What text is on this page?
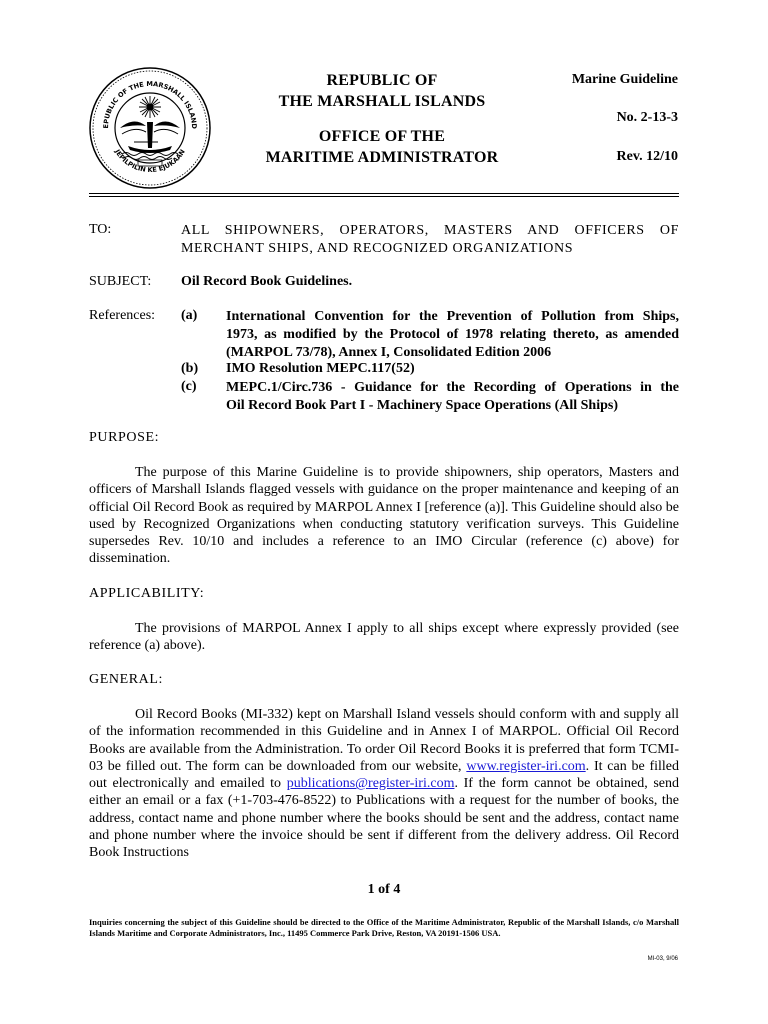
EPUBLIC OF THE MARSHALL ISLAND
JEPILPILIN KE EJUKAAN
REPUBLIC OF
THE MARSHALL ISLANDS
OFFICE OF THE
MARITIME ADMINISTRATOR
Marine Guideline
No. 2-13-3
Rev. 12/10
TO:	ALL SHIPOWNERS, OPERATORS, MASTERS AND OFFICERS OF
MERCHANT SHIPS, AND RECOGNIZED ORGANIZATIONS
SUBJECT: Oil Record Book Guidelines.
References: (a) International Convention for the Prevention of Pollution from Ships,
1973, as modified by the Protocol of 1978 relating thereto, as amended
(MARPOL 73/78), Annex I, Consolidated Edition 2006
(b) IMO Resolution MEPC.117(52)
(c) MEPC.1/Circ.736 - Guidance for the Recording of Operations in the
Oil Record Book Part I - Machinery Space Operations (All Ships)
PURPOSE:
The purpose of this Marine Guideline is to provide shipowners, ship operators, Masters and officers of Marshall Islands flagged vessels with guidance on the proper maintenance and keeping of an official Oil Record Book as required by MARPOL Annex I [reference (a)]. This Guideline should also be used by Recognized Organizations when conducting statutory verification surveys. This Guideline supersedes Rev. 10/10 and includes a reference to an IMO Circular (reference (c) above) for dissemination.
APPLICABILITY:
The provisions of MARPOL Annex I apply to all ships except where expressly provided (see reference (a) above).
GENERAL:
Oil Record Books (MI-332) kept on Marshall Island vessels should conform with and supply all of the information recommended in this Guideline and in Annex I of MARPOL. Official Oil Record Books are available from the Administration. To order Oil Record Books it is preferred that form TCMI-03 be filled out. The form can be downloaded from our website, www.register-iri.com. It can be filled out electronically and emailed to publications@register-iri.com. If the form cannot be obtained, send either an email or a fax (+1-703-476-8522) to Publications with a request for the number of books, the address, contact name and phone number where the books should be sent and the address, contact name and phone number where the invoice should be sent if different from the delivery address. Oil Record Book Instructions
1 of 4
Inquiries concerning the subject of this Guideline should be directed to the Office of the Maritime Administrator, Republic of the Marshall Islands, c/o Marshall Islands Maritime and Corporate Administrators, Inc., 11495 Commerce Park Drive, Reston, VA 20191-1506 USA.
MI-03, 9/06
